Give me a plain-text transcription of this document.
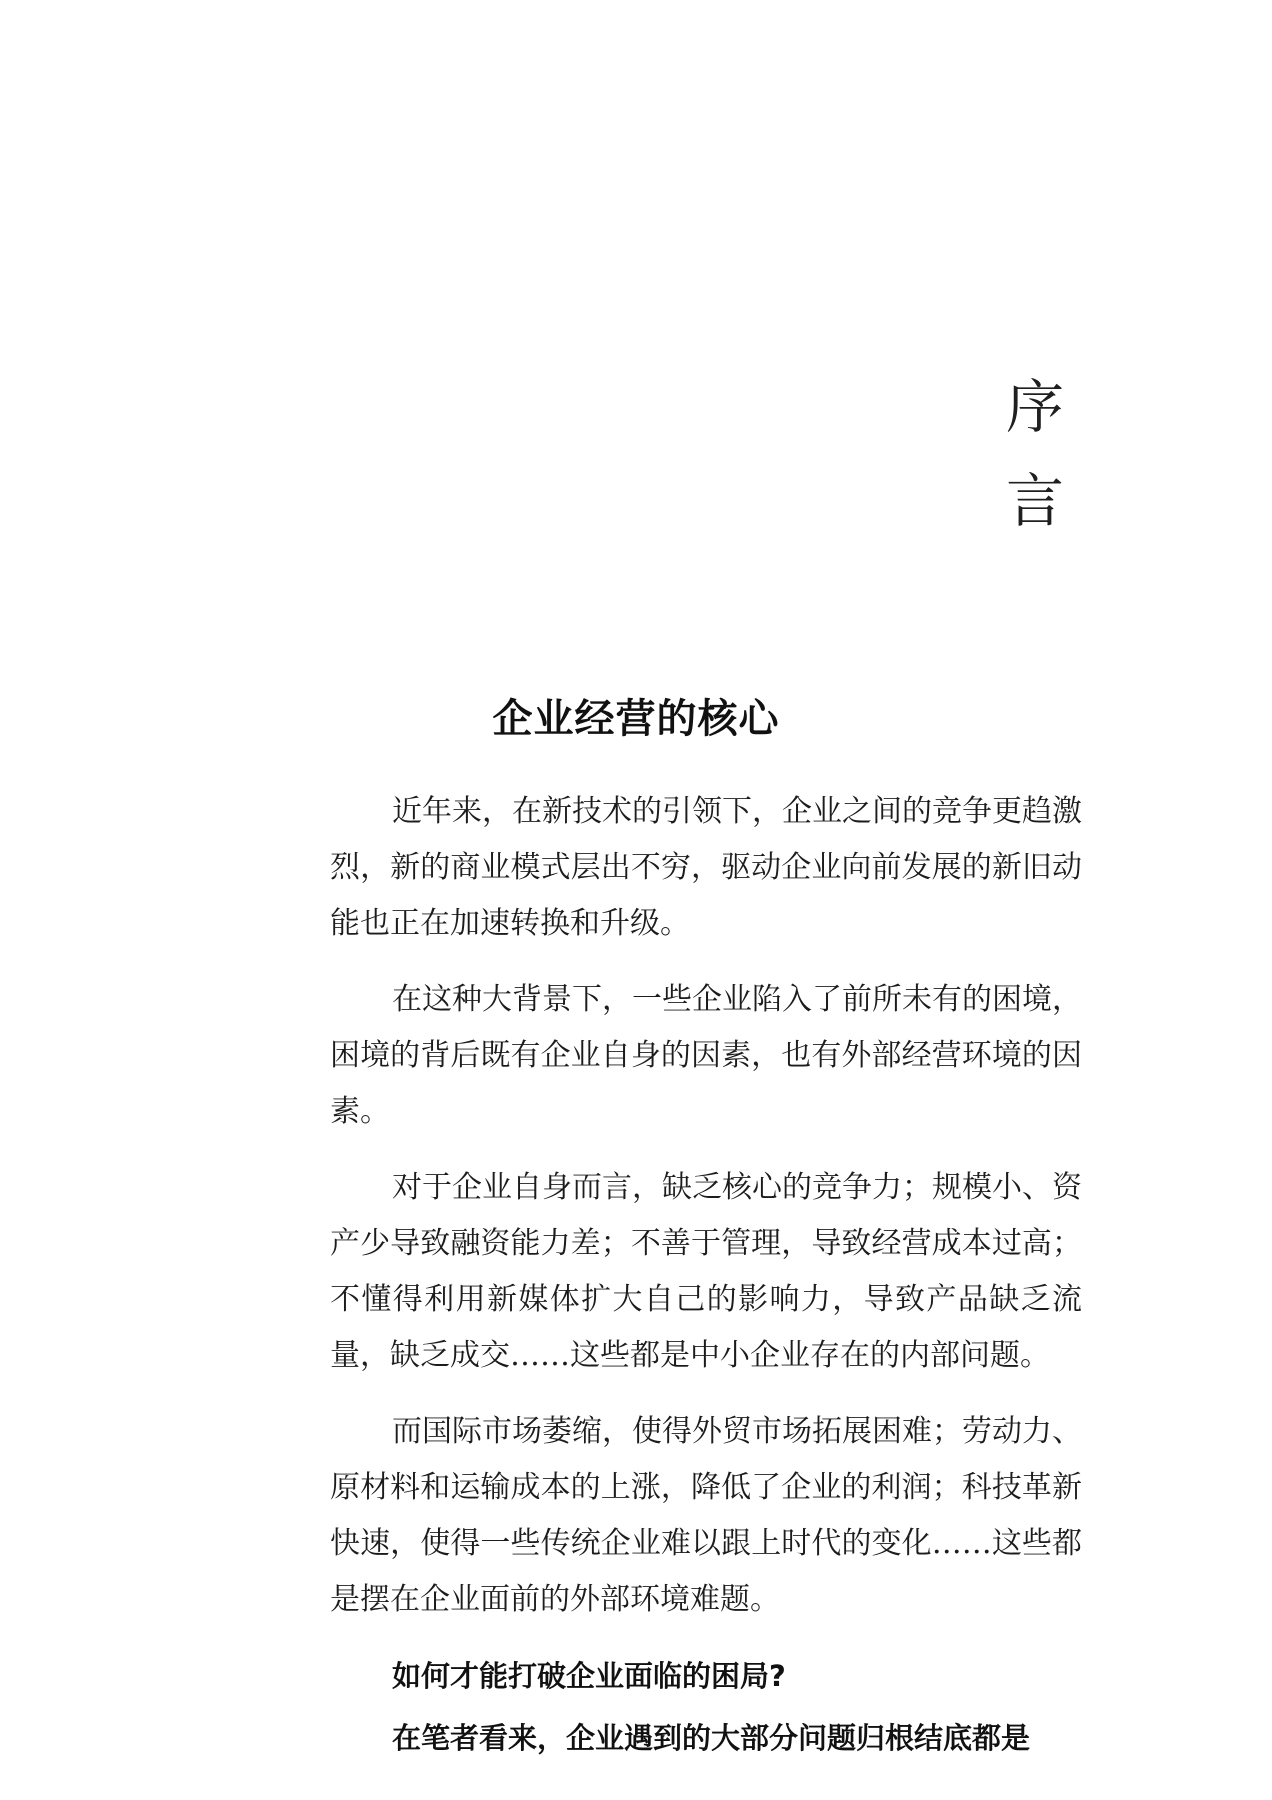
序
言
企业经营的核心

近年来，在新技术的引领下，企业之间的竞争更趋激烈，新的商业模式层出不穷，驱动企业向前发展的新旧动能也正在加速转换和升级。

在这种大背景下，一些企业陷入了前所未有的困境，困境的背后既有企业自身的因素，也有外部经营环境的因素。

对于企业自身而言，缺乏核心的竞争力；规模小、资产少导致融资能力差；不善于管理，导致经营成本过高；不懂得利用新媒体扩大自己的影响力，导致产品缺乏流量，缺乏成交……这些都是中小企业存在的内部问题。

而国际市场萎缩，使得外贸市场拓展困难；劳动力、原材料和运输成本的上涨，降低了企业的利润；科技革新快速，使得一些传统企业难以跟上时代的变化……这些都是摆在企业面前的外部环境难题。

如何才能打破企业面临的困局?

在笔者看来，企业遇到的大部分问题归根结底都是
